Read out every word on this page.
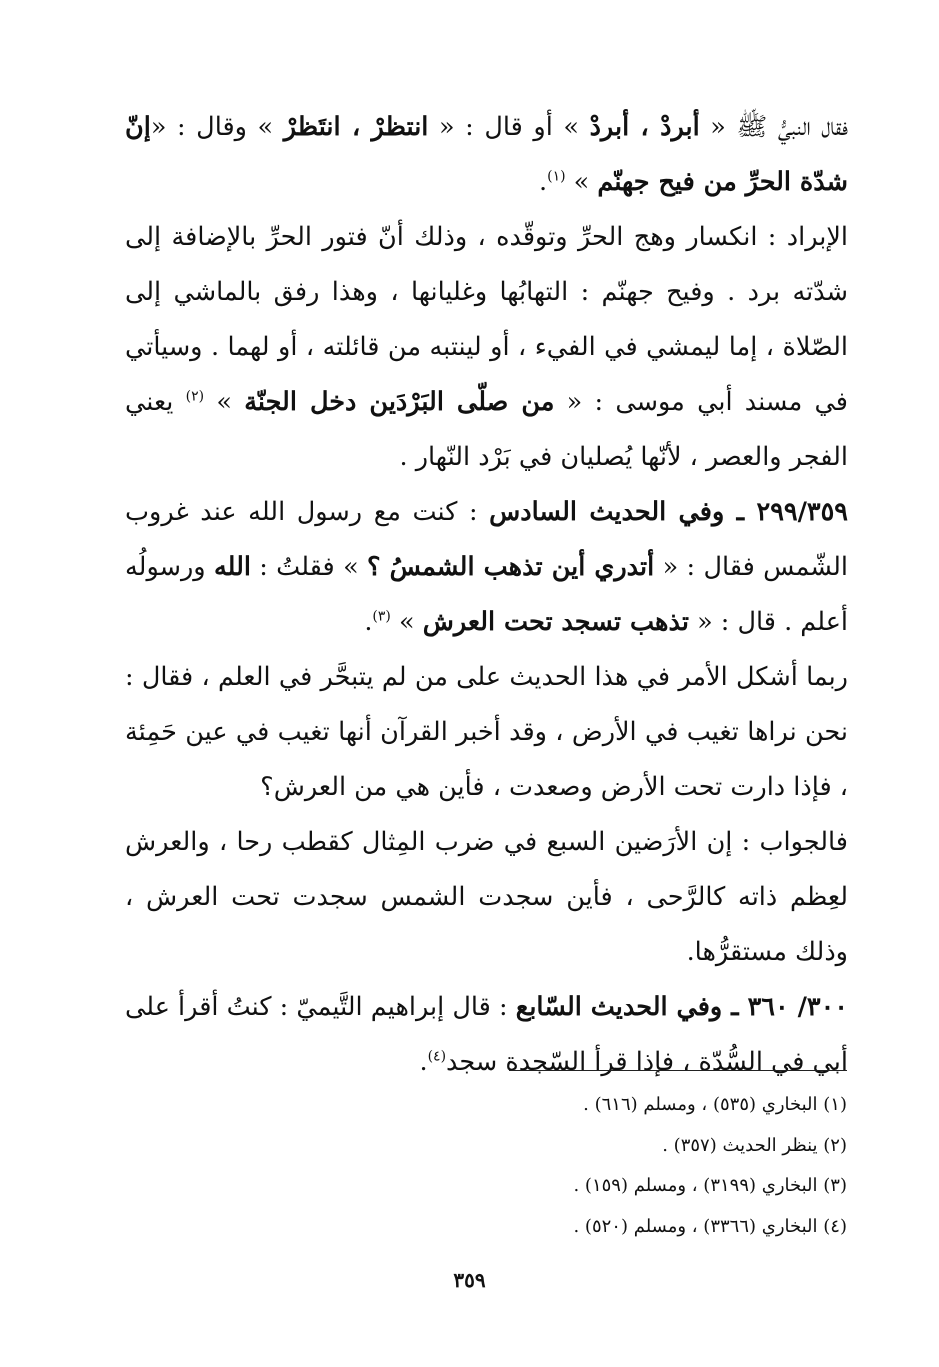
فقال النبيُّ ﷺ « أبردْ ، أبردْ » أو قال : « انتظرْ ، انتَظرْ » وقال : «إنّ شدّة الحرِّ من فيح جهنّم » $^{(١)}$.

الإبراد : انكسار وهج الحرِّ وتوقّده ، وذلك أنّ فتور الحرِّ بالإضافة إلى شدّته برد . وفيح جهنّم : التهابُها وغليانها ، وهذا رفق بالماشي إلى الصّلاة ، إما ليمشي في الفيء ، أو لينتبه من قائلته ، أو لهما . وسيأتي في مسند أبي موسى : « من صلّى البَرْدَين دخل الجنّة » $^{(٢)}$ يعني الفجر والعصر ، لأنّها يُصليان في بَرْد النّهار .

٢٩٩/٣٥٩ ـ وفي الحديث السادس : كنت مع رسول الله عند غروب الشّمس فقال : « أتدري أين تذهب الشمسُ ؟ » فقلتُ : الله ورسولُه أعلم . قال : « تذهب تسجد تحت العرش » $^{(٣)}$.

ربما أشكل الأمر في هذا الحديث على من لم يتبحَّر في العلم ، فقال : نحن نراها تغيب في الأرض ، وقد أخبر القرآن أنها تغيب في عين حَمِئة ، فإذا دارت تحت الأرض وصعدت ، فأين هي من العرش؟

فالجواب : إن الأرَضين السبع في ضرب المِثال كقطب رحا ، والعرش لعِظم ذاته كالرَّحى ، فأين سجدت الشمس سجدت تحت العرش ، وذلك مستقرُّها.

٣٠٠/ ٣٦٠ ـ وفي الحديث السّابع : قال إبراهيم التَّيميّ : كنتُ أقرأ على أبي في السُّدّة ، فإذا قرأ السّجدة سجد$^{(٤)}$.

(١) البخاري (٥٣٥) ، ومسلم (٦١٦) .

(٢) ينظر الحديث (٣٥٧) .

(٣) البخاري (٣١٩٩) ، ومسلم (١٥٩) .

(٤) البخاري (٣٣٦٦) ، ومسلم (٥٢٠) .

٣٥٩
